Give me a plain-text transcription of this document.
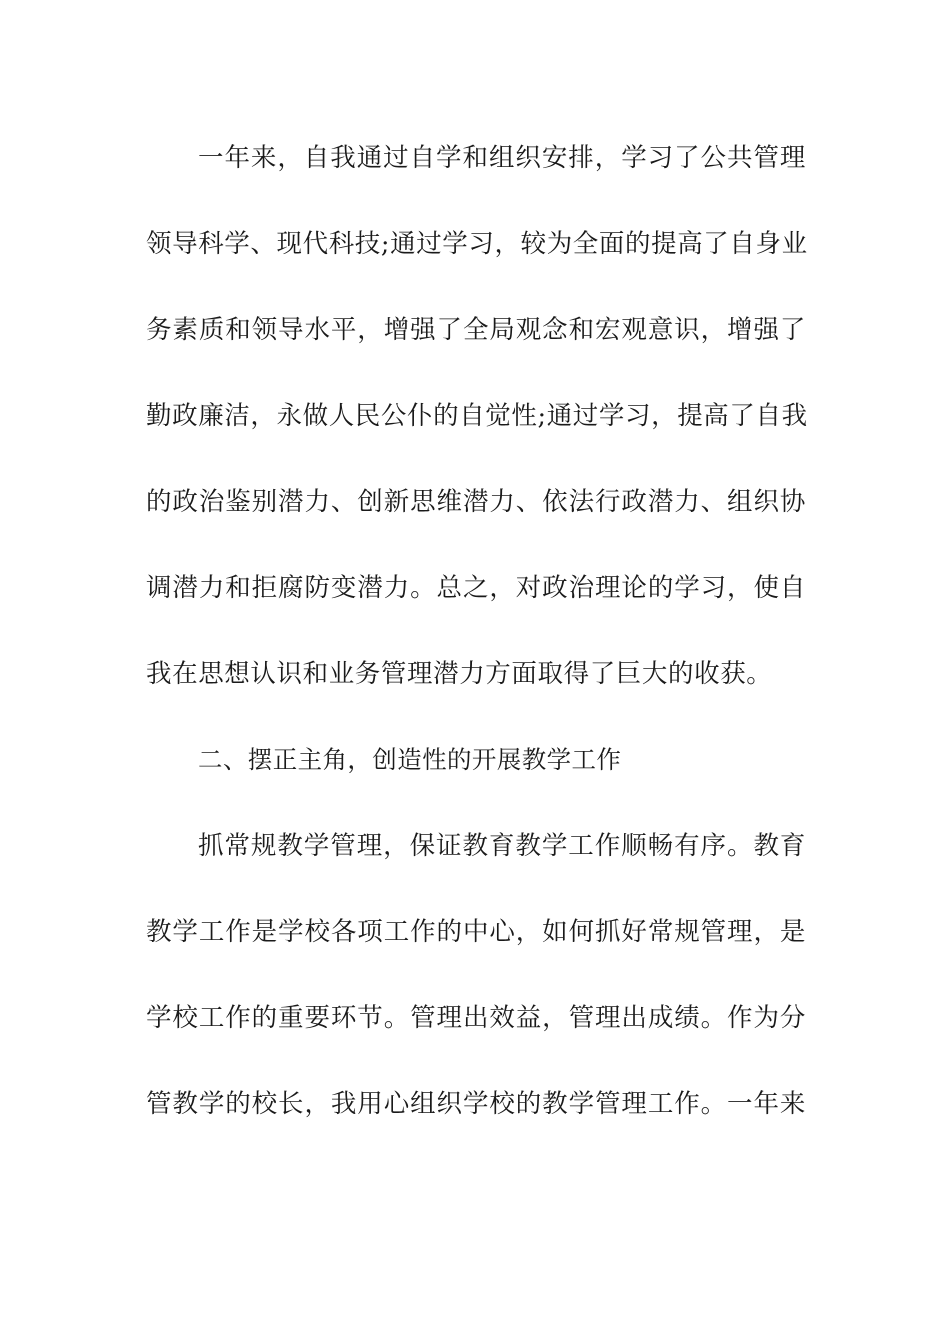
一年来，自我通过自学和组织安排，学习了公共管理
领导科学、现代科技;通过学习，较为全面的提高了自身业
务素质和领导水平，增强了全局观念和宏观意识，增强了
勤政廉洁，永做人民公仆的自觉性;通过学习，提高了自我
的政治鉴别潜力、创新思维潜力、依法行政潜力、组织协
调潜力和拒腐防变潜力。总之，对政治理论的学习，使自
我在思想认识和业务管理潜力方面取得了巨大的收获。
二、摆正主角，创造性的开展教学工作
抓常规教学管理，保证教育教学工作顺畅有序。教育
教学工作是学校各项工作的中心，如何抓好常规管理，是
学校工作的重要环节。管理出效益，管理出成绩。作为分
管教学的校长，我用心组织学校的教学管理工作。一年来
